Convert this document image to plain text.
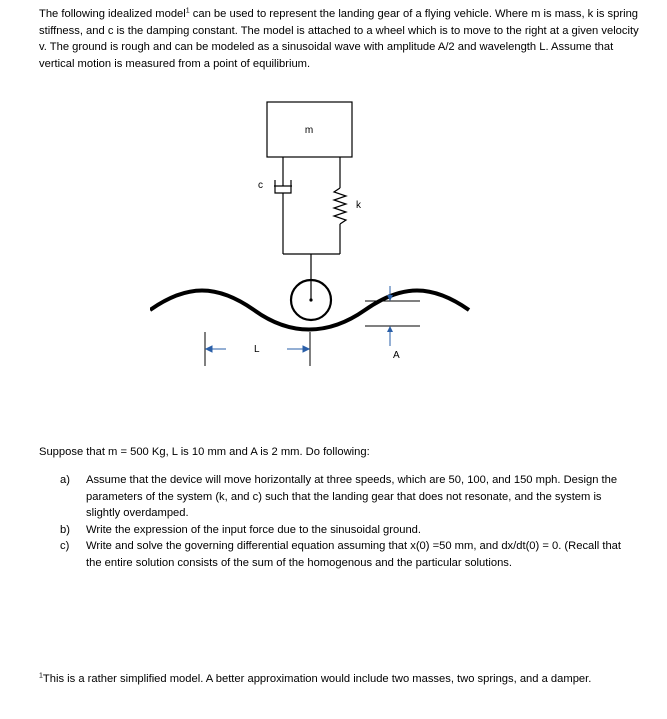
The following idealized model$^1$ can be used to represent the landing gear of a flying vehicle. Where m is mass, k is spring stiffness, and c is the damping constant. The model is attached to a wheel which is to move to the right at a given velocity v. The ground is rough and can be modeled as a sinusoidal wave with amplitude A/2 and wavelength L. Assume that vertical motion is measured from a point of equilibrium.

m
c
k
L
A

Suppose that m = 500 Kg, L is 10 mm and A is 2 mm. Do following:

a) Assume that the device will move horizontally at three speeds, which are 50, 100, and 150 mph. Design the parameters of the system (k, and c) such that the landing gear that does not resonate, and the system is slightly overdamped.
b) Write the expression of the input force due to the sinusoidal ground.
c) Write and solve the governing differential equation assuming that x(0) =50 mm, and dx/dt(0) = 0. (Recall that the entire solution consists of the sum of the homogenous and the particular solutions.

$^1$This is a rather simplified model. A better approximation would include two masses, two springs, and a damper.
